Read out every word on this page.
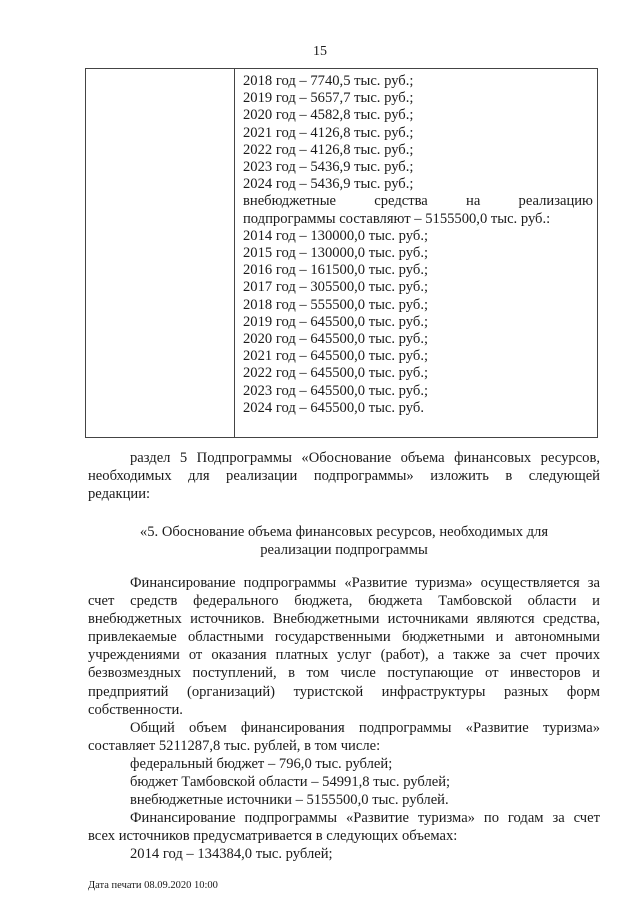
15
2018 год – 7740,5 тыс. руб.;
2019 год – 5657,7 тыс. руб.;
2020 год – 4582,8 тыс. руб.;
2021 год – 4126,8 тыс. руб.;
2022 год – 4126,8 тыс. руб.;
2023 год – 5436,9 тыс. руб.;
2024 год – 5436,9 тыс. руб.;
внебюджетные	средства	на	реализацию
подпрограммы составляют – 5155500,0 тыс. руб.:
2014 год – 130000,0 тыс. руб.;
2015 год – 130000,0 тыс. руб.;
2016 год – 161500,0 тыс. руб.;
2017 год – 305500,0 тыс. руб.;
2018 год – 555500,0 тыс. руб.;
2019 год – 645500,0 тыс. руб.;
2020 год – 645500,0 тыс. руб.;
2021 год – 645500,0 тыс. руб.;
2022 год – 645500,0 тыс. руб.;
2023 год – 645500,0 тыс. руб.;
2024 год – 645500,0 тыс. руб.
раздел 5 Подпрограммы «Обоснование объема финансовых ресурсов,
необходимых для реализации подпрограммы» изложить в следующей
редакции:
«5. Обоснование объема финансовых ресурсов, необходимых для
реализации подпрограммы
Финансирование подпрограммы «Развитие туризма» осуществляется за
счет средств федерального бюджета, бюджета Тамбовской области и
внебюджетных источников. Внебюджетными источниками являются средства,
привлекаемые областными государственными бюджетными и автономными
учреждениями от оказания платных услуг (работ), а также за счет прочих
безвозмездных поступлений, в том числе поступающие от инвесторов и
предприятий (организаций) туристской инфраструктуры разных форм
собственности.
Общий объем финансирования подпрограммы «Развитие туризма»
составляет 5211287,8 тыс. рублей, в том числе:
федеральный бюджет – 796,0 тыс. рублей;
бюджет Тамбовской области – 54991,8 тыс. рублей;
внебюджетные источники – 5155500,0 тыс. рублей.
Финансирование подпрограммы «Развитие туризма» по годам за счет
всех источников предусматривается в следующих объемах:
2014 год – 134384,0 тыс. рублей;
Дата печати 08.09.2020 10:00
